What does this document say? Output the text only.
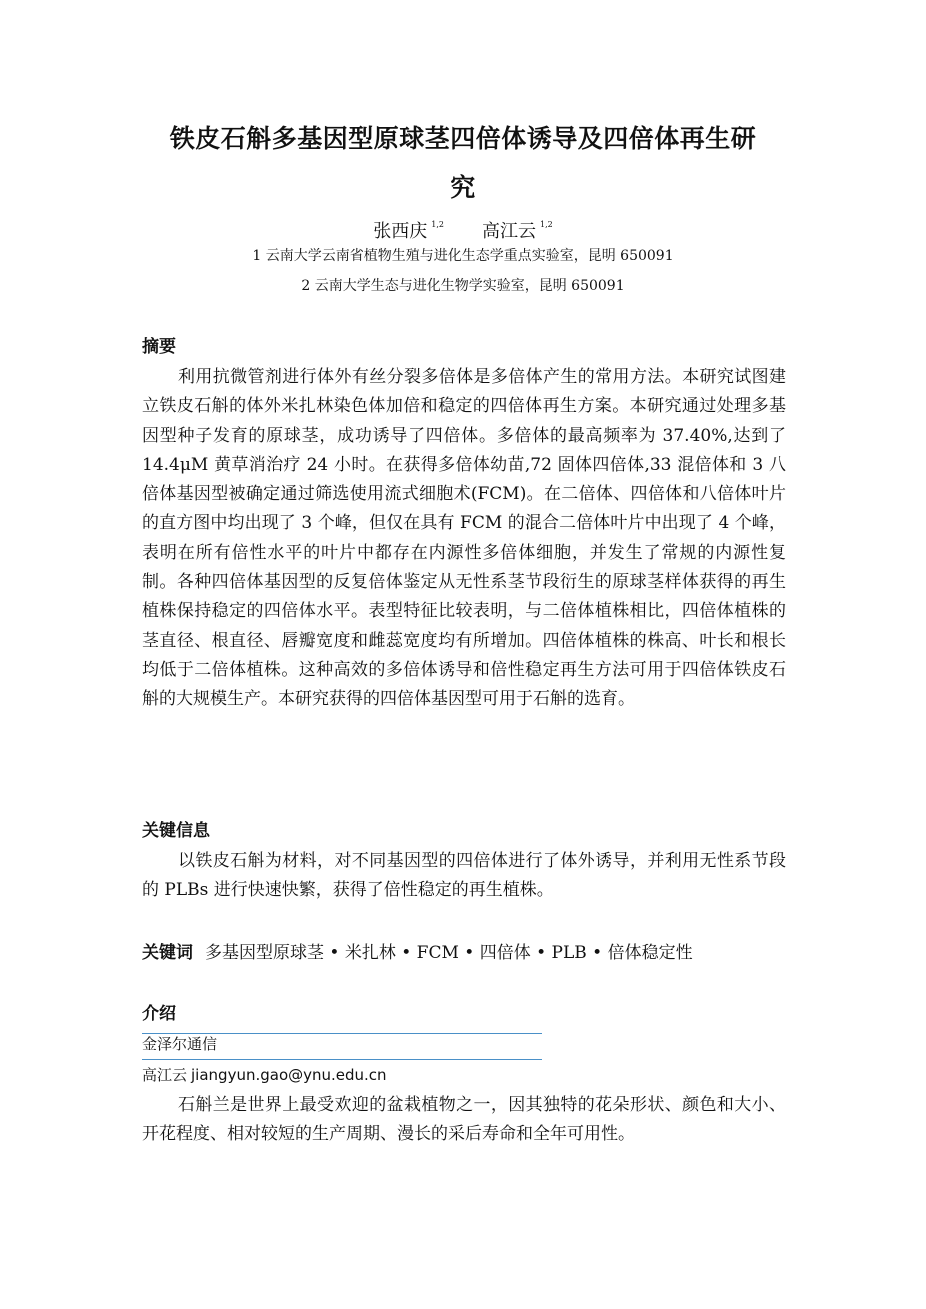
铁皮石斛多基因型原球茎四倍体诱导及四倍体再生研
究
张西庆 $^{1,2}$ 高江云 $^{1,2}$
1 云南大学云南省植物生殖与进化生态学重点实验室，昆明 650091
2 云南大学生态与进化生物学实验室，昆明 650091
摘要

利用抗微管剂进行体外有丝分裂多倍体是多倍体产生的常用方法。本研究试图建立铁皮石斛的体外米扎林染色体加倍和稳定的四倍体再生方案。本研究通过处理多基因型种子发育的原球茎，成功诱导了四倍体。多倍体的最高频率为 37.40%,达到了 14.4μM 黄草消治疗 24 小时。在获得多倍体幼苗,72 固体四倍体,33 混倍体和 3 八倍体基因型被确定通过筛选使用流式细胞术(FCM)。在二倍体、四倍体和八倍体叶片的直方图中均出现了 3 个峰，但仅在具有 FCM 的混合二倍体叶片中出现了 4 个峰，表明在所有倍性水平的叶片中都存在内源性多倍体细胞，并发生了常规的内源性复制。各种四倍体基因型的反复倍体鉴定从无性系茎节段衍生的原球茎样体获得的再生植株保持稳定的四倍体水平。表型特征比较表明，与二倍体植株相比，四倍体植株的茎直径、根直径、唇瓣宽度和雌蕊宽度均有所增加。四倍体植株的株高、叶长和根长均低于二倍体植株。这种高效的多倍体诱导和倍性稳定再生方法可用于四倍体铁皮石斛的大规模生产。本研究获得的四倍体基因型可用于石斛的选育。

关键信息

以铁皮石斛为材料，对不同基因型的四倍体进行了体外诱导，并利用无性系节段的 PLBs 进行快速快繁，获得了倍性稳定的再生植株。

关键词 多基因型原球茎 • 米扎林 • FCM • 四倍体 • PLB • 倍体稳定性
介绍
金泽尔通信
高江云 jiangyun.gao@ynu.edu.cn

石斛兰是世界上最受欢迎的盆栽植物之一，因其独特的花朵形状、颜色和大小、开花程度、相对较短的生产周期、漫长的采后寿命和全年可用性。
